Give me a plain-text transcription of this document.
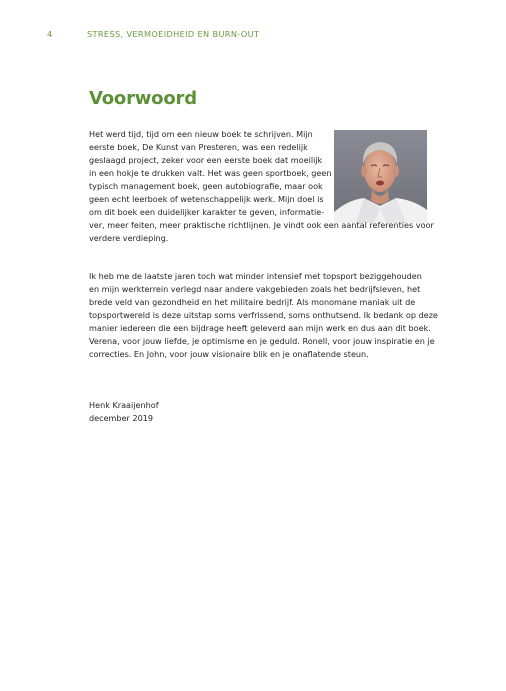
4	STRESS, VERMOEIDHEID EN BURN-OUT
Voorwoord
Het werd tijd, tijd om een nieuw boek te schrijven. Mijn
eerste boek, De Kunst van Presteren, was een redelijk
geslaagd project, zeker voor een eerste boek dat moeilijk
in een hokje te drukken valt. Het was geen sportboek, geen
typisch management boek, geen autobiografie, maar ook
geen echt leerboek of wetenschappelijk werk. Mijn doel is
om dit boek een duidelijker karakter te geven, informatie-
ver, meer feiten, meer praktische richtlijnen. Je vindt ook een aantal referenties voor
verdere verdieping.
Ik heb me de laatste jaren toch wat minder intensief met topsport beziggehouden
en mijn werkterrein verlegd naar andere vakgebieden zoals het bedrijfsleven, het
brede veld van gezondheid en het militaire bedrijf. Als monomane maniak uit de
topsportwereld is deze uitstap soms verfrissend, soms onthutsend. Ik bedank op deze
manier iedereen die een bijdrage heeft geleverd aan mijn werk en dus aan dit boek.
Verena, voor jouw liefde, je optimisme en je geduld. Ronell, voor jouw inspiratie en je
correcties. En John, voor jouw visionaire blik en je onaflatende steun.
Henk Kraaijenhof
december 2019
